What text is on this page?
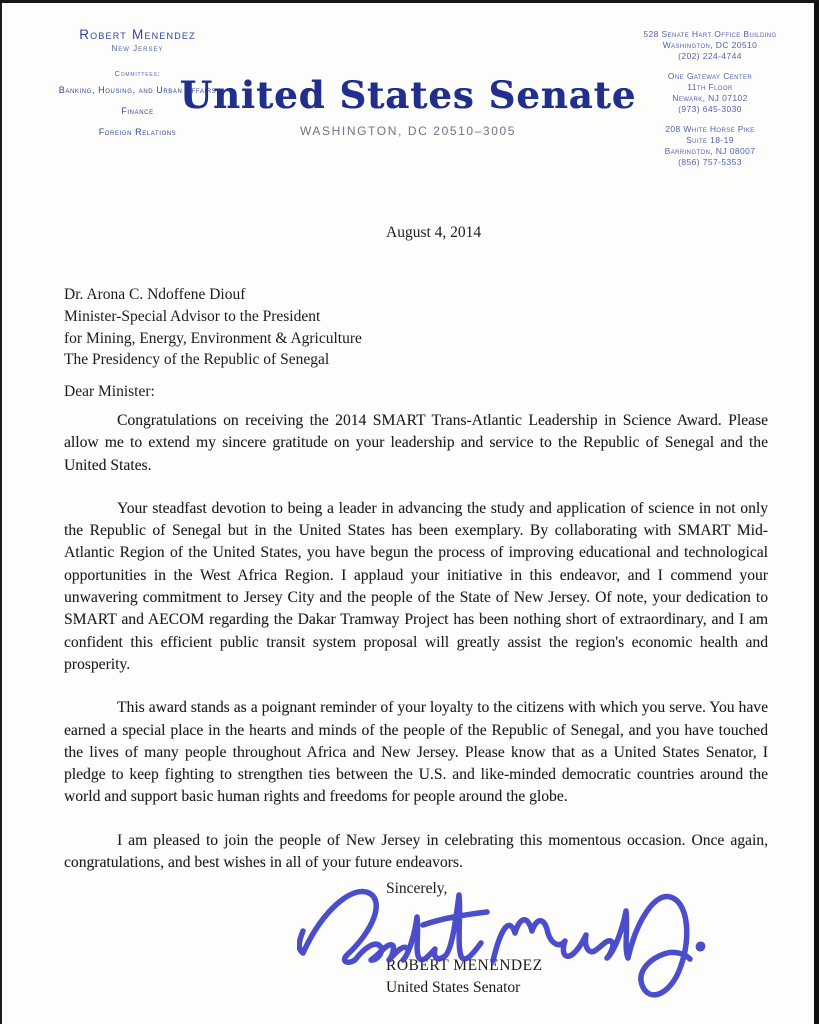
Robert Menendez
New Jersey
Committees:
Banking, Housing, and Urban Affairs
Finance
Foreign Relations
United States Senate
WASHINGTON, DC 20510–3005
528 Senate Hart Office Building
Washington, DC 20510
(202) 224-4744
One Gateway Center
11th Floor
Newark, NJ 07102
(973) 645-3030
208 White Horse Pike
Suite 18-19
Barrington, NJ 08007
(856) 757-5353
August 4, 2014
Dr. Arona C. Ndoffene Diouf
Minister-Special Advisor to the President
for Mining, Energy, Environment & Agriculture
The Presidency of the Republic of Senegal
Dear Minister:

Congratulations on receiving the 2014 SMART Trans-Atlantic Leadership in Science Award. Please allow me to extend my sincere gratitude on your leadership and service to the Republic of Senegal and the United States.

Your steadfast devotion to being a leader in advancing the study and application of science in not only the Republic of Senegal but in the United States has been exemplary. By collaborating with SMART Mid-Atlantic Region of the United States, you have begun the process of improving educational and technological opportunities in the West Africa Region. I applaud your initiative in this endeavor, and I commend your unwavering commitment to Jersey City and the people of the State of New Jersey. Of note, your dedication to SMART and AECOM regarding the Dakar Tramway Project has been nothing short of extraordinary, and I am confident this efficient public transit system proposal will greatly assist the region's economic health and prosperity.

This award stands as a poignant reminder of your loyalty to the citizens with which you serve. You have earned a special place in the hearts and minds of the people of the Republic of Senegal, and you have touched the lives of many people throughout Africa and New Jersey. Please know that as a United States Senator, I pledge to keep fighting to strengthen ties between the U.S. and like-minded democratic countries around the world and support basic human rights and freedoms for people around the globe.

I am pleased to join the people of New Jersey in celebrating this momentous occasion. Once again, congratulations, and best wishes in all of your future endeavors.

Sincerely,
ROBERT MENENDEZ
United States Senator
